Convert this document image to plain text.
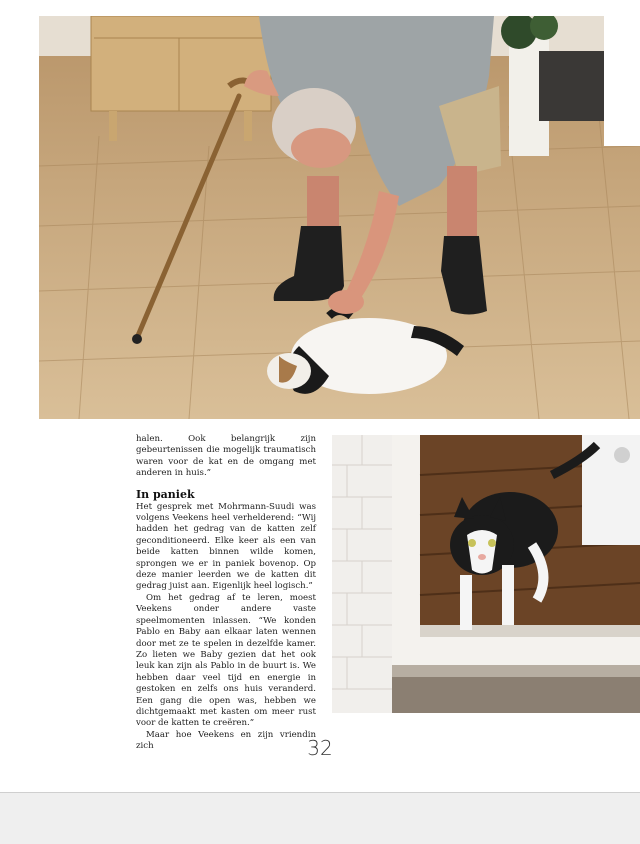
halen. Ook belangrijk zijn gebeurtenissen die mogelijk traumatisch waren voor de kat en de omgang met anderen in huis.”

In paniek

Het gesprek met Mohrmann-Suudi was volgens Veekens heel verhelderend: “Wij hadden het gedrag van de katten zelf geconditioneerd. Elke keer als een van beide katten binnen wilde komen, sprongen we er in paniek bovenop. Op deze manier leerden we de katten dit gedrag juist aan. Eigenlijk heel logisch.”

Om het gedrag af te leren, moest Veekens onder andere vaste speelmomenten inlassen. “We konden Pablo en Baby aan elkaar laten wennen door met ze te spelen in dezelfde kamer. Zo lieten we Baby gezien dat het ook leuk kan zijn als Pablo in de buurt is. We hebben daar veel tijd en energie in gestoken en zelfs ons huis veranderd. Een gang die open was, hebben we dichtgemaakt met kasten om meer rust voor de katten te creëren.”

Maar hoe Veekens en zijn vriendin zich	32
